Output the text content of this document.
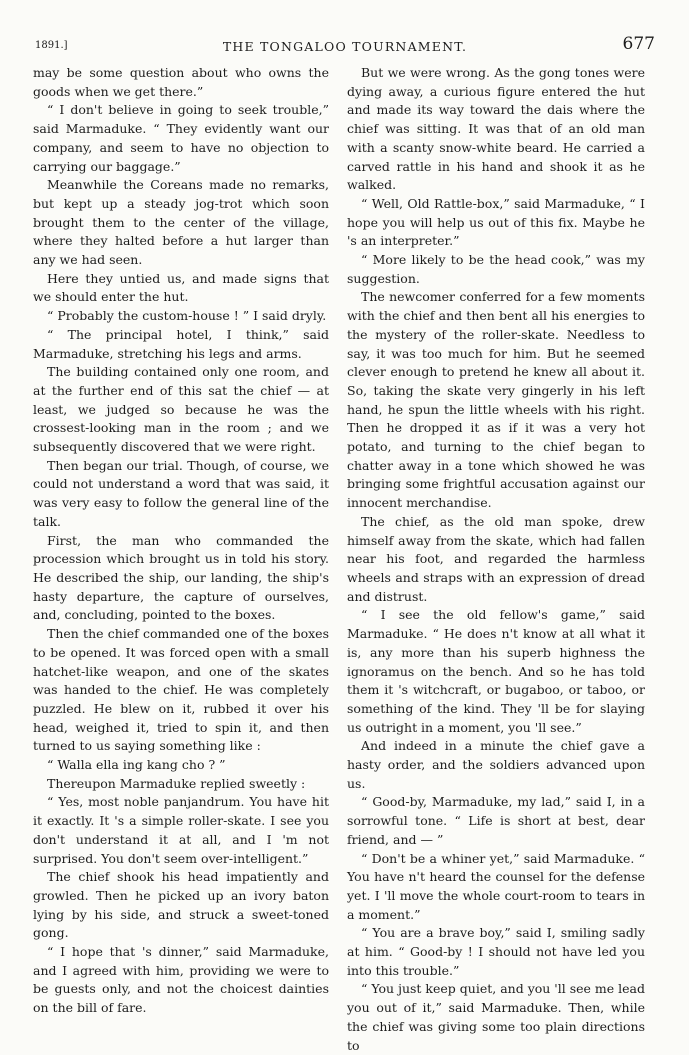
1891.]	THE TONGALOO TOURNAMENT.	677

may be some question about who owns the goods when we get there.”

“ I don't believe in going to seek trouble,” said Marmaduke. “ They evidently want our company, and seem to have no objection to carrying our baggage.”

Meanwhile the Coreans made no remarks, but kept up a steady jog-trot which soon brought them to the center of the village, where they halted before a hut larger than any we had seen.

Here they untied us, and made signs that we should enter the hut.

“ Probably the custom-house ! ” I said dryly.

“ The principal hotel, I think,” said Marmaduke, stretching his legs and arms.

The building contained only one room, and at the further end of this sat the chief — at least, we judged so because he was the crossest-looking man in the room ; and we subsequently discovered that we were right.

Then began our trial. Though, of course, we could not understand a word that was said, it was very easy to follow the general line of the talk.

First, the man who commanded the procession which brought us in told his story. He described the ship, our landing, the ship's hasty departure, the capture of ourselves, and, concluding, pointed to the boxes.

Then the chief commanded one of the boxes to be opened. It was forced open with a small hatchet-like weapon, and one of the skates was handed to the chief. He was completely puzzled. He blew on it, rubbed it over his head, weighed it, tried to spin it, and then turned to us saying something like :

“ Walla ella ing kang cho ? ”

Thereupon Marmaduke replied sweetly :

“ Yes, most noble panjandrum. You have hit it exactly. It 's a simple roller-skate. I see you don't understand it at all, and I 'm not surprised. You don't seem over-intelligent.”

The chief shook his head impatiently and growled. Then he picked up an ivory baton lying by his side, and struck a sweet-toned gong.

“ I hope that 's dinner,” said Marmaduke, and I agreed with him, providing we were to be guests only, and not the choicest dainties on the bill of fare.

But we were wrong. As the gong tones were dying away, a curious figure entered the hut and made its way toward the dais where the chief was sitting. It was that of an old man with a scanty snow-white beard. He carried a carved rattle in his hand and shook it as he walked.

“ Well, Old Rattle-box,” said Marmaduke, “ I hope you will help us out of this fix. Maybe he 's an interpreter.”

“ More likely to be the head cook,” was my suggestion.

The newcomer conferred for a few moments with the chief and then bent all his energies to the mystery of the roller-skate. Needless to say, it was too much for him. But he seemed clever enough to pretend he knew all about it. So, taking the skate very gingerly in his left hand, he spun the little wheels with his right. Then he dropped it as if it was a very hot potato, and turning to the chief began to chatter away in a tone which showed he was bringing some frightful accusation against our innocent merchandise.

The chief, as the old man spoke, drew himself away from the skate, which had fallen near his foot, and regarded the harmless wheels and straps with an expression of dread and distrust.

“ I see the old fellow's game,” said Marmaduke. “ He does n't know at all what it is, any more than his superb highness the ignoramus on the bench. And so he has told them it 's witchcraft, or bugaboo, or taboo, or something of the kind. They 'll be for slaying us outright in a moment, you 'll see.”

And indeed in a minute the chief gave a hasty order, and the soldiers advanced upon us.

“ Good-by, Marmaduke, my lad,” said I, in a sorrowful tone. “ Life is short at best, dear friend, and — ”

“ Don't be a whiner yet,” said Marmaduke. “ You have n't heard the counsel for the defense yet. I 'll move the whole court-room to tears in a moment.”

“ You are a brave boy,” said I, smiling sadly at him. “ Good-by ! I should not have led you into this trouble.”

“ You just keep quiet, and you 'll see me lead you out of it,” said Marmaduke. Then, while the chief was giving some too plain directions to
